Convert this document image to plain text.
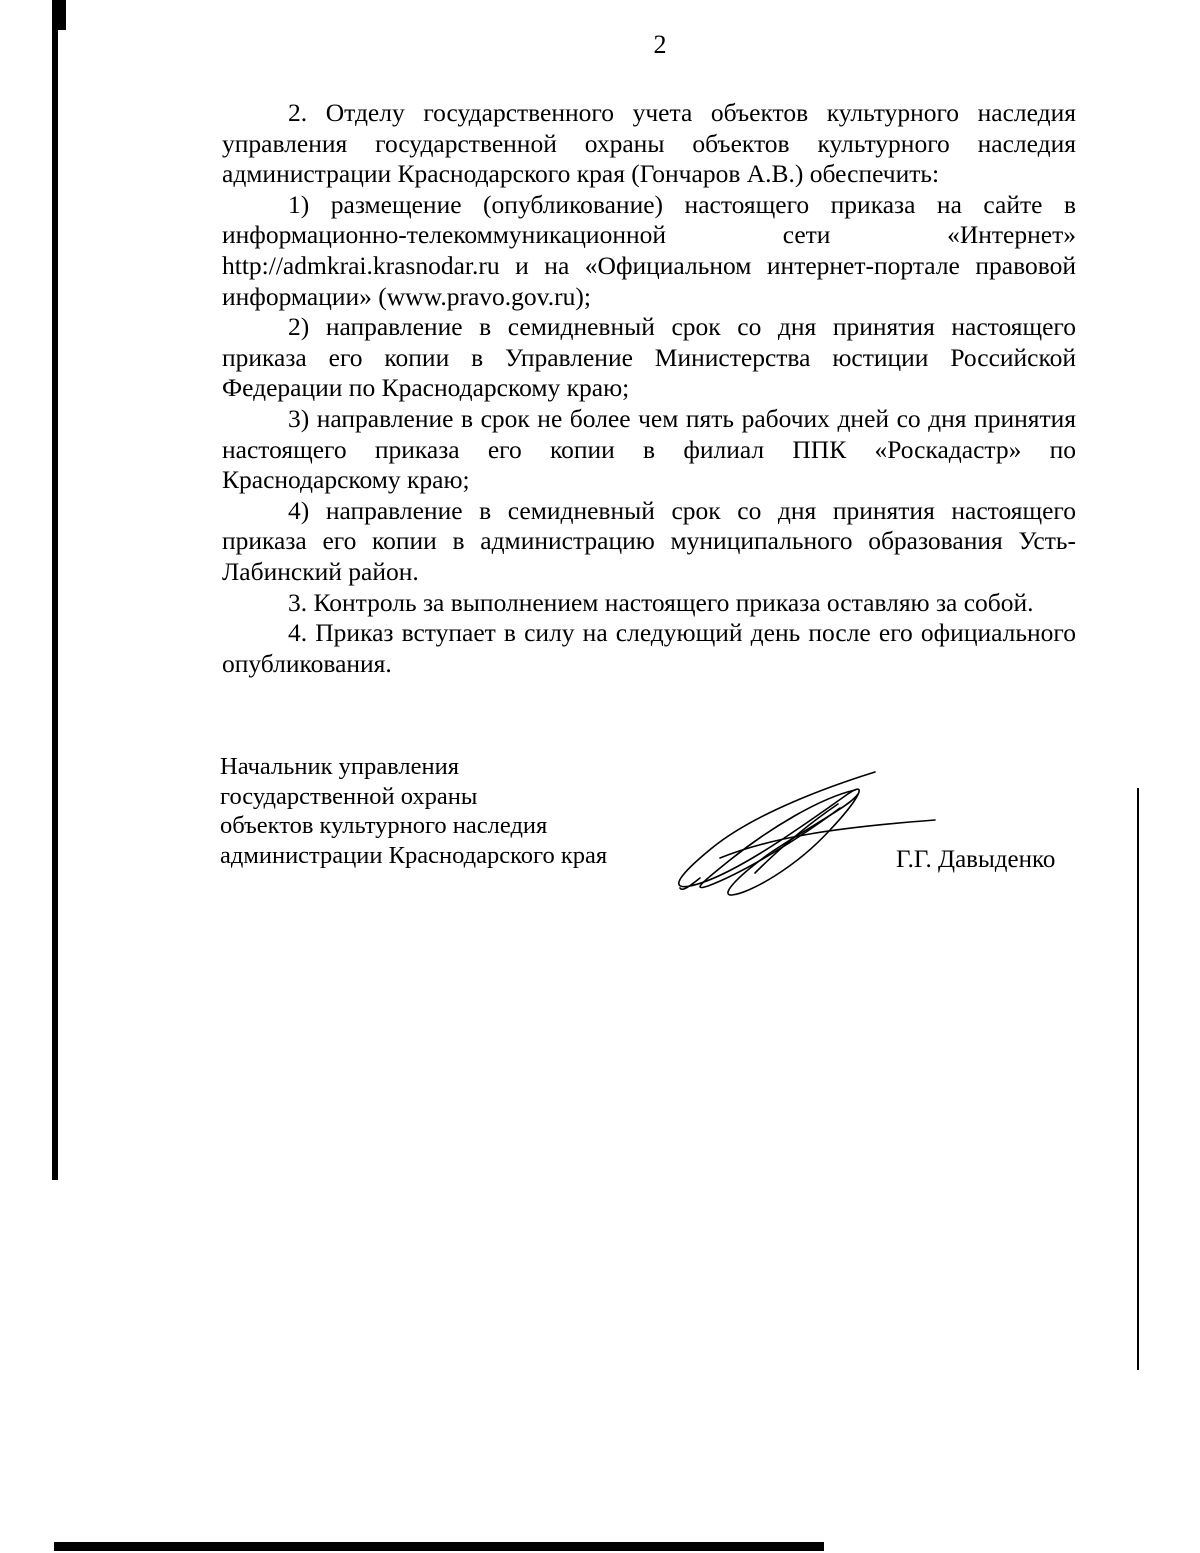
2

2. Отделу государственного учета объектов культурного наследия управления государственной охраны объектов культурного наследия администрации Краснодарского края (Гончаров А.В.) обеспечить:

1) размещение (опубликование) настоящего приказа на сайте в информационно-телекоммуникационной сети «Интернет» http://admkrai.krasnodar.ru и на «Официальном интернет-портале правовой информации» (www.pravo.gov.ru);

2) направление в семидневный срок со дня принятия настоящего приказа его копии в Управление Министерства юстиции Российской Федерации по Краснодарскому краю;

3) направление в срок не более чем пять рабочих дней со дня принятия настоящего приказа его копии в филиал ППК «Роскадастр» по Краснодарскому краю;

4) направление в семидневный срок со дня принятия настоящего приказа его копии в администрацию муниципального образования Усть-Лабинский район.

3. Контроль за выполнением настоящего приказа оставляю за собой.

4. Приказ вступает в силу на следующий день после его официального опубликования.

Начальник управления
государственной охраны
объектов культурного наследия
администрации Краснодарского края	Г.Г. Давыденко
